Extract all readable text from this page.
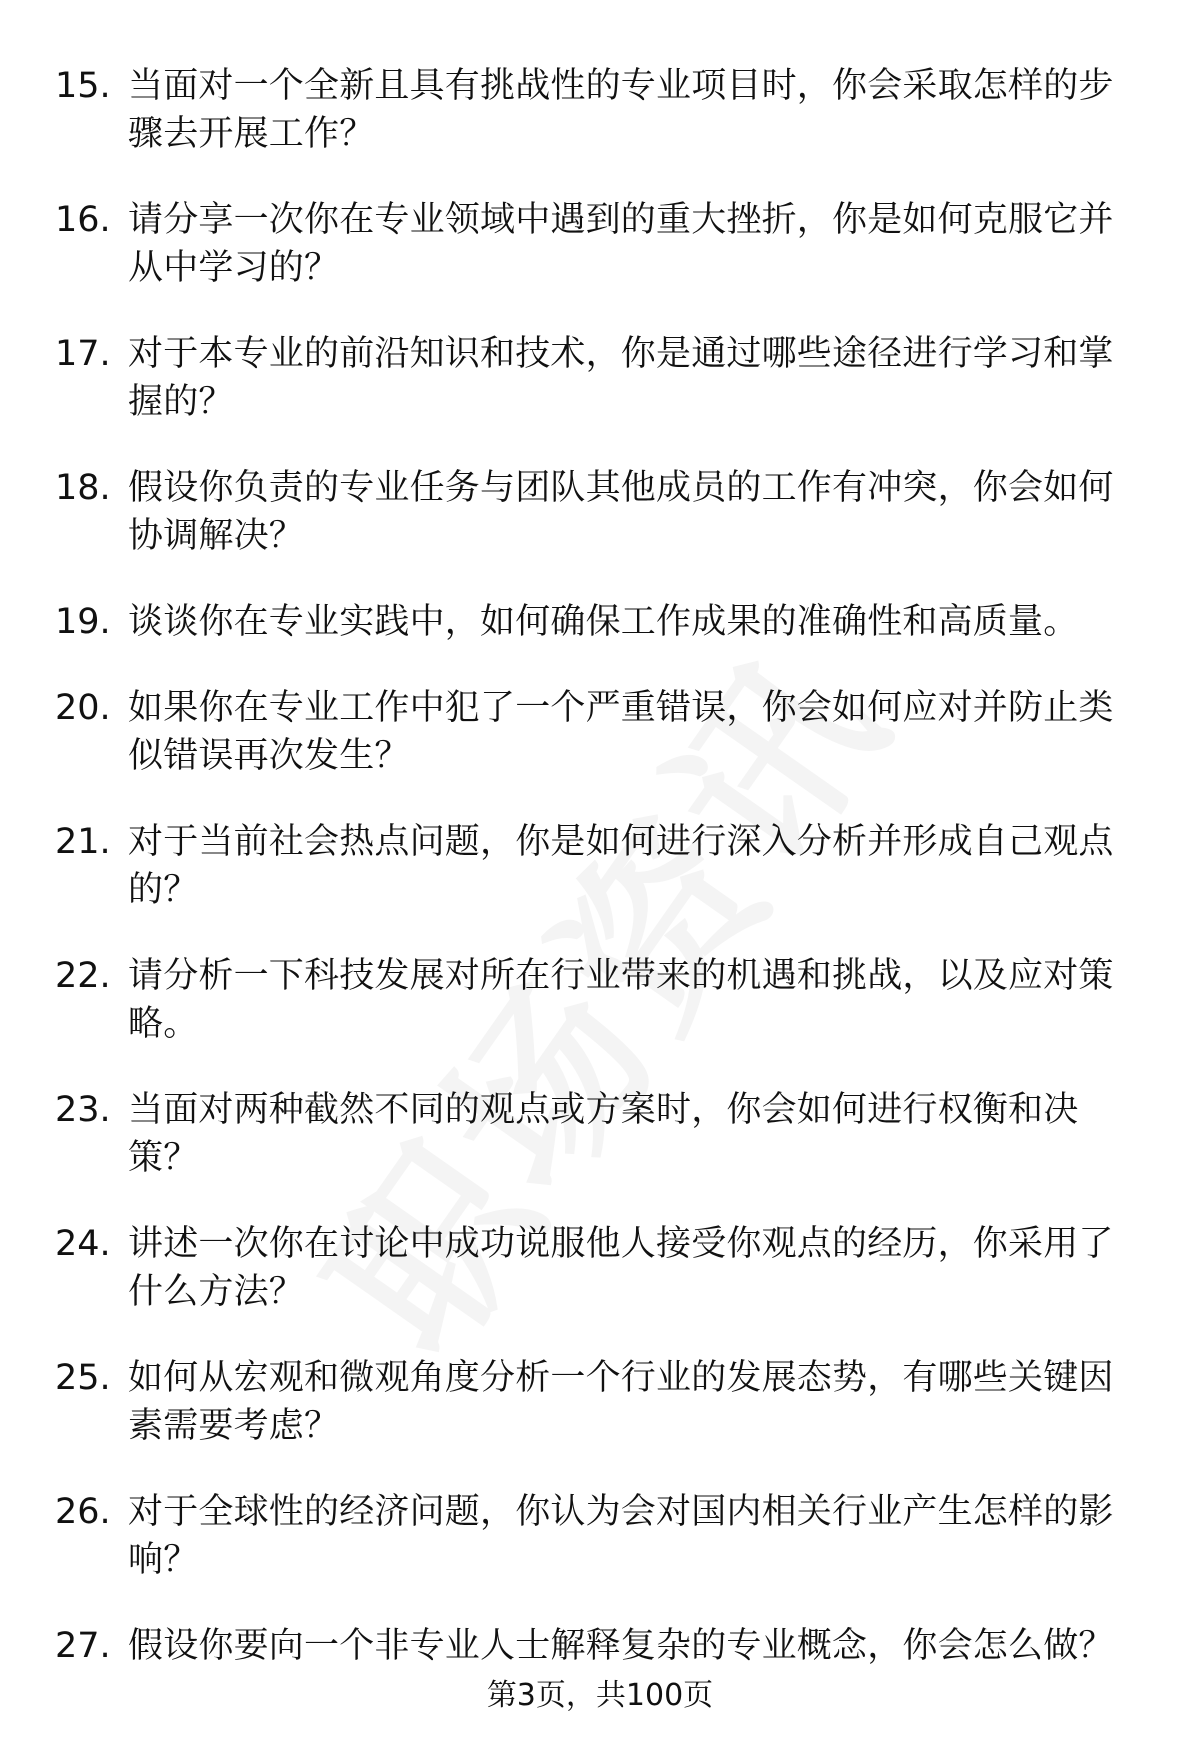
15. 当面对一个全新且具有挑战性的专业项目时，你会采取怎样的步骤去开展工作？
16. 请分享一次你在专业领域中遇到的重大挫折，你是如何克服它并从中学习的？
17. 对于本专业的前沿知识和技术，你是通过哪些途径进行学习和掌握的？
18. 假设你负责的专业任务与团队其他成员的工作有冲突，你会如何协调解决？
19. 谈谈你在专业实践中，如何确保工作成果的准确性和高质量。
20. 如果你在专业工作中犯了一个严重错误，你会如何应对并防止类似错误再次发生？
21. 对于当前社会热点问题，你是如何进行深入分析并形成自己观点的？
22. 请分析一下科技发展对所在行业带来的机遇和挑战，以及应对策略。
23. 当面对两种截然不同的观点或方案时，你会如何进行权衡和决策？
24. 讲述一次你在讨论中成功说服他人接受你观点的经历，你采用了什么方法？
25. 如何从宏观和微观角度分析一个行业的发展态势，有哪些关键因素需要考虑？
26. 对于全球性的经济问题，你认为会对国内相关行业产生怎样的影响？
27. 假设你要向一个非专业人士解释复杂的专业概念，你会怎么做？
第3页，共100页
